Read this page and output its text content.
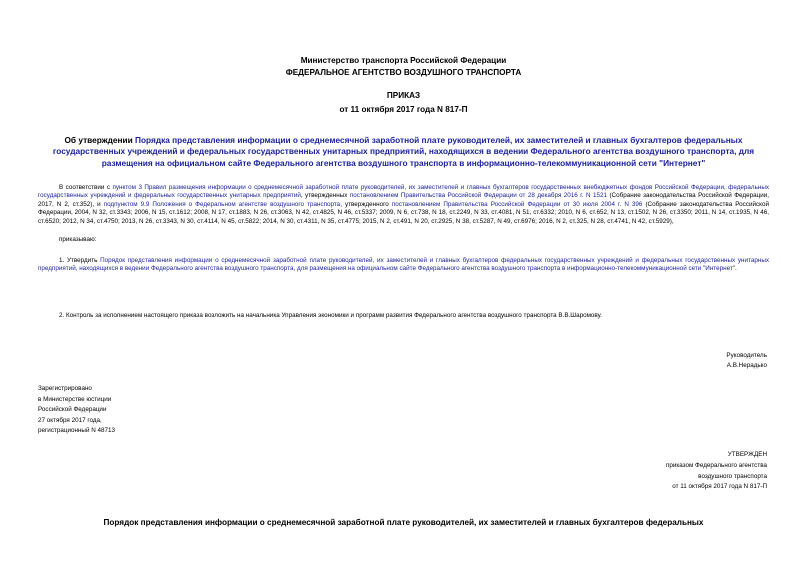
Министерство транспорта Российской Федерации
ФЕДЕРАЛЬНОЕ АГЕНТСТВО ВОЗДУШНОГО ТРАНСПОРТА
ПРИКАЗ
от 11 октября 2017 года N 817-П
Об утверждении Порядка представления информации о среднемесячной заработной плате руководителей, их заместителей и главных бухгалтеров федеральных государственных учреждений и федеральных государственных унитарных предприятий, находящихся в ведении Федерального агентства воздушного транспорта, для размещения на официальном сайте Федерального агентства воздушного транспорта в информационно-телекоммуникационной сети "Интернет"

В соответствии с пунктом 3 Правил размещения информации о среднемесячной заработной плате руководителей, их заместителей и главных бухгалтеров государственных внебюджетных фондов Российской Федерации, федеральных государственных учреждений и федеральных государственных унитарных предприятий, утвержденных постановлением Правительства Российской Федерации от 28 декабря 2016 г. N 1521 (Собрание законодательства Российской Федерации, 2017, N 2, ст.352), и подпунктом 9.9 Положения о Федеральном агентстве воздушного транспорта, утвержденного постановлением Правительства Российской Федерации от 30 июля 2004 г. N 396 (Собрание законодательства Российской Федерации, 2004, N 32, ст.3343; 2006, N 15, ст.1612; 2008, N 17, ст.1883, N 26, ст.3063, N 42, ст.4825, N 46, ст.5337; 2009, N 6, ст.738, N 18, ст.2249, N 33, ст.4081, N 51, ст.6332; 2010, N 6, ст.652, N 13, ст.1502, N 26, ст.3350; 2011, N 14, ст.1935, N 46, ст.6520; 2012, N 34, ст.4750; 2013, N 26, ст.3343, N 30, ст.4114, N 45, ст.5822; 2014, N 30, ст.4311, N 35, ст.4775; 2015, N 2, ст.491, N 20, ст.2925, N 38, ст.5287, N 49, ст.6976; 2016, N 2, ст.325, N 28, ст.4741, N 42, ст.5929),

приказываю:

1. Утвердить Порядок представления информации о среднемесячной заработной плате руководителей, их заместителей и главных бухгалтеров федеральных государственных учреждений и федеральных государственных унитарных предприятий, находящихся в ведении Федерального агентства воздушного транспорта, для размещения на официальном сайте Федерального агентства воздушного транспорта в информационно-телекоммуникационной сети "Интернет".

2. Контроль за исполнением настоящего приказа возложить на начальника Управления экономики и программ развития Федерального агентства воздушного транспорта В.В.Шаромову.
Руководитель
А.В.Нерадько
Зарегистрировано
в Министерстве юстиции
Российской Федерации
27 октября 2017 года,
регистрационный N 48713
УТВЕРЖДЕН
приказом Федерального агентства
воздушного транспорта
от 11 октября 2017 года N 817-П
Порядок представления информации о среднемесячной заработной плате руководителей, их заместителей и главных бухгалтеров федеральных
